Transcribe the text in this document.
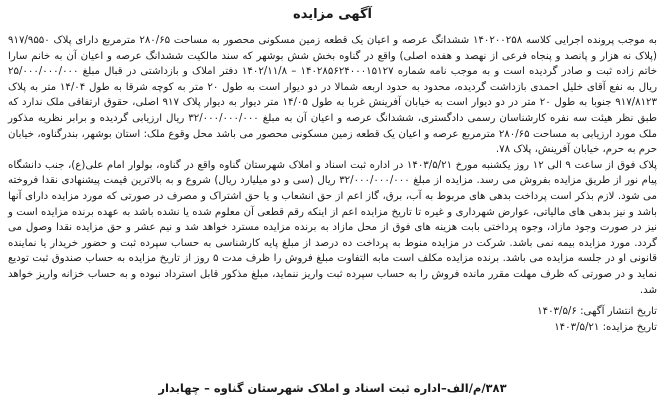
آگهی مزایده

به موجب پرونده اجرایی کلاسه ۱۴۰۲۰۰۲۵۸ ششدانگ عرصه و اعیان یک قطعه زمین مسکونی محصور به مساحت ۲۸۰/۶۵ مترمربع دارای پلاک ۹۱۷/۹۵۵۰ (پلاک نه هزار و پانصد و پنجاه فرعی از نهصد و هفده اصلی) واقع در گناوه بخش شش بوشهر که سند مالکیت ششدانگ عرصه و اعیان آن به خانم سارا خاتم زاده ثبت و صادر گردیده است و به موجب نامه شماره ۱۴۰۲۸۵۶۲۴۰۰۰۱۵۱۲۷ – ۱۴۰۲/۱۱/۸ دفتر املاک و بازداشتی در قبال مبلغ ۲۵/۰۰۰/۰۰۰/۰۰۰ ریال به نفع آقای خلیل احمدی بازداشت گردیده، محدود به حدود اربعه شمالا در دو دیوار است به طول ۲۰ متر به کوچه شرقا به طول ۱۴/۰۴ متر به پلاک ۹۱۷/۸۱۲۳ جنوبا به طول ۲۰ متر در دو دیوار است به خیابان آفرینش غربا به طول ۱۴/۰۵ متر دیوار به دیوار پلاک ۹۱۷ اصلی، حقوق ارتفاقی ملک ندارد که طبق نظر هیئت سه نفره کارشناسان رسمی دادگستری، ششدانگ عرصه و اعیان آن به مبلغ ۳۲/۰۰۰/۰۰۰/۰۰۰ ریال ارزیابی گردیده و برابر نظریه مذکور ملک مورد ارزیابی به مساحت ۲۸۰/۶۵ مترمربع عرصه و اعیان یک قطعه زمین مسکونی محصور می باشد محل وقوع ملک: استان بوشهر، بندرگناوه، خیابان حرم به حرم، خیابان آفرینش، پلاک ۷۸.

پلاک فوق از ساعت ۹ الی ۱۲ روز یکشنبه مورخ ۱۴۰۳/۵/۲۱ در اداره ثبت اسناد و املاک شهرستان گناوه واقع در گناوه، بولوار امام علی(ع)، جنب دانشگاه پیام نور از طریق مزایده بفروش می رسد. مزایده از مبلغ ۳۲/۰۰۰/۰۰۰/۰۰۰ ریال (سی و دو میلیارد ریال) شروع و به بالاترین قیمت پیشنهادی نقدا فروخته می شود. لازم بذکر است پرداخت بدهی های مربوط به آب، برق، گاز اعم از حق انشعاب و یا حق اشتراک و مصرف در صورتی که مورد مزایده دارای آنها باشد و نیز بدهی های مالیاتی، عوارض شهرداری و غیره تا تاریخ مزایده اعم از اینکه رقم قطعی آن معلوم شده یا نشده باشد به عهده برنده مزایده است و نیز در صورت وجود مازاد، وجوه پرداختی بابت هزینه های فوق از محل مازاد به برنده مزایده مسترد خواهد شد و نیم عشر و حق مزایده نقدا وصول می گردد. مورد مزایده بیمه نمی باشد. شرکت در مزایده منوط به پرداخت ده درصد از مبلغ پایه کارشناسی به حساب سپرده ثبت و حضور خریدار یا نماینده قانونی او در جلسه مزایده می باشد. برنده مزایده مکلف است مابه التفاوت مبلغ فروش را ظرف مدت ۵ روز از تاریخ مزایده به حساب صندوق ثبت تودیع نماید و در صورتی که ظرف مهلت مقرر مانده فروش را به حساب سپرده ثبت واریز ننماید، مبلغ مذکور قابل استرداد نبوده و به حساب خزانه واریز خواهد شد.

تاریخ انتشار آگهی: ۱۴۰۳/۵/۶
تاریخ مزایده: ۱۴۰۳/۵/۲۱
۳۸۳/م/الف–اداره ثبت اسناد و املاک شهرستان گناوه – چهابدار
